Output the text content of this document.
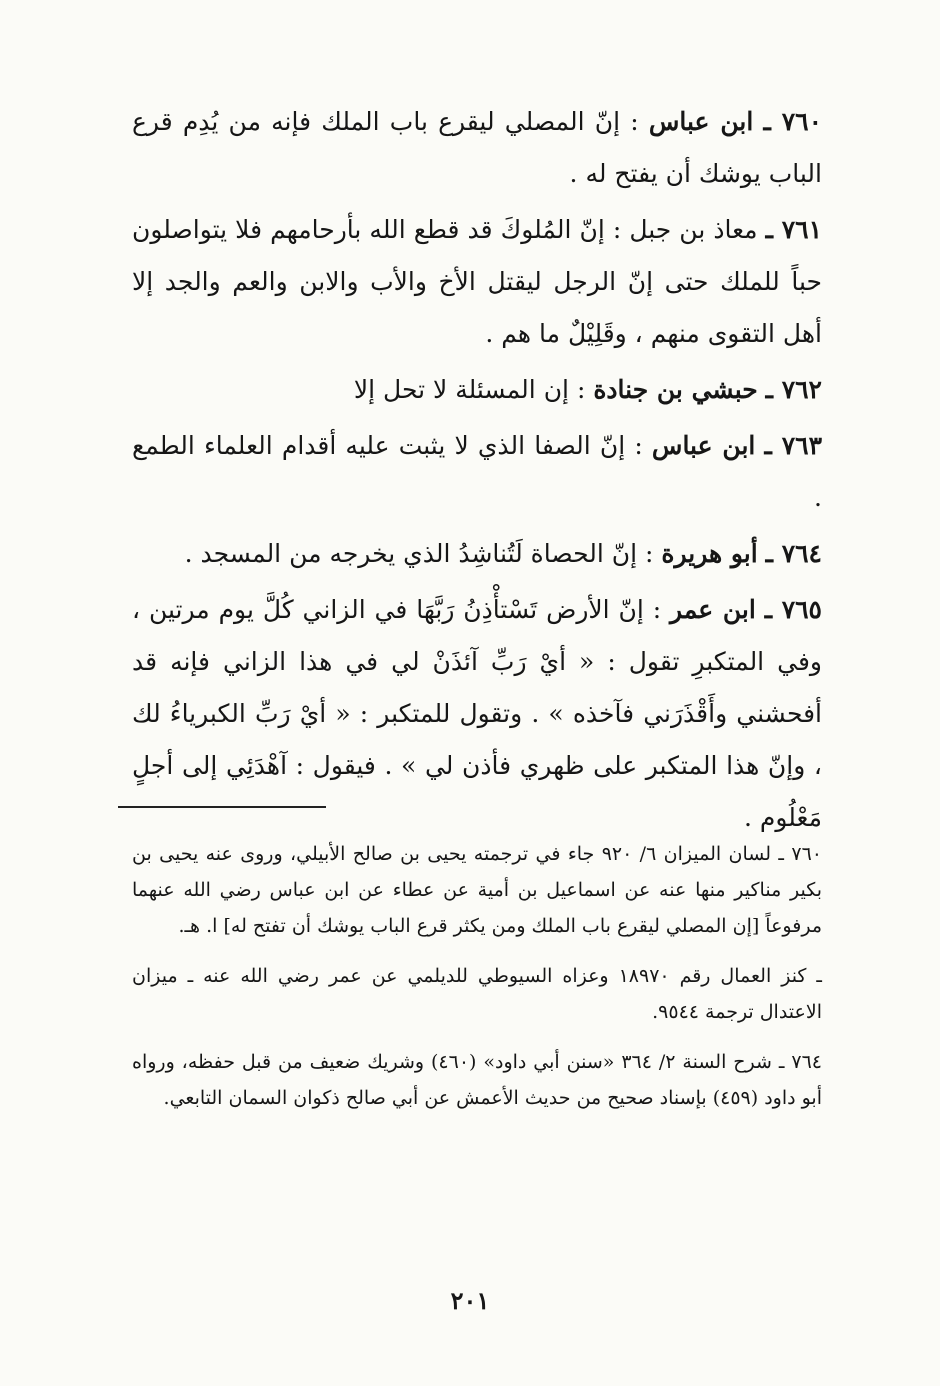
٧٦٠ ـ ابن عباس : إنّ المصلي ليقرع باب الملك فإنه من يُدِم قرع الباب يوشك أن يفتح له .

٧٦١ ـ معاذ بن جبل : إنّ المُلوكَ قد قطع الله بأرحامهم فلا يتواصلون حباً للملك حتى إنّ الرجل ليقتل الأخ والأب والابن والعم والجد إلا أهل التقوى منهم ، وقَلِيْلٌ ما هم .

٧٦٢ ـ حبشي بن جنادة : إن المسئلة لا تحل إلا

٧٦٣ ـ ابن عباس : إنّ الصفا الذي لا يثبت عليه أقدام العلماء الطمع .

٧٦٤ ـ أبو هريرة : إنّ الحصاة لَتُناشِدُ الذي يخرجه من المسجد .

٧٦٥ ـ ابن عمر : إنّ الأرض تَسْتأْذِنُ رَبَّهَا في الزاني كُلَّ يوم مرتين ، وفي المتكبرِ تقول : « أيْ رَبِّ آئذَنْ لي في هذا الزاني فإنه قد أفحشني وأَقْذَرَني فآخذه » . وتقول للمتكبر : « أيْ رَبِّ الكبرياءُ لك ، وإنّ هذا المتكبر على ظهري فأذن لي » . فيقول : آهْدَئِي إلى أجلٍ مَعْلُوم .

٧٦٠ ـ لسان الميزان ٦/ ٩٢٠ جاء في ترجمته يحيى بن صالح الأبيلي، وروى عنه يحيى بن بكير مناكير منها عنه عن اسماعيل بن أمية عن عطاء عن ابن عباس رضي الله عنهما مرفوعاً [إن المصلي ليقرع باب الملك ومن يكثر قرع الباب يوشك أن تفتح له] ا. هـ.

ـ كنز العمال رقم ١٨٩٧٠ وعزاه السيوطي للديلمي عن عمر رضي الله عنه ـ ميزان الاعتدال ترجمة ٩٥٤٤.

٧٦٤ ـ شرح السنة ٢/ ٣٦٤ «سنن أبي داود» (٤٦٠) وشريك ضعيف من قبل حفظه، ورواه أبو داود (٤٥٩) بإسناد صحيح من حديث الأعمش عن أبي صالح ذكوان السمان التابعي.

٢٠١
